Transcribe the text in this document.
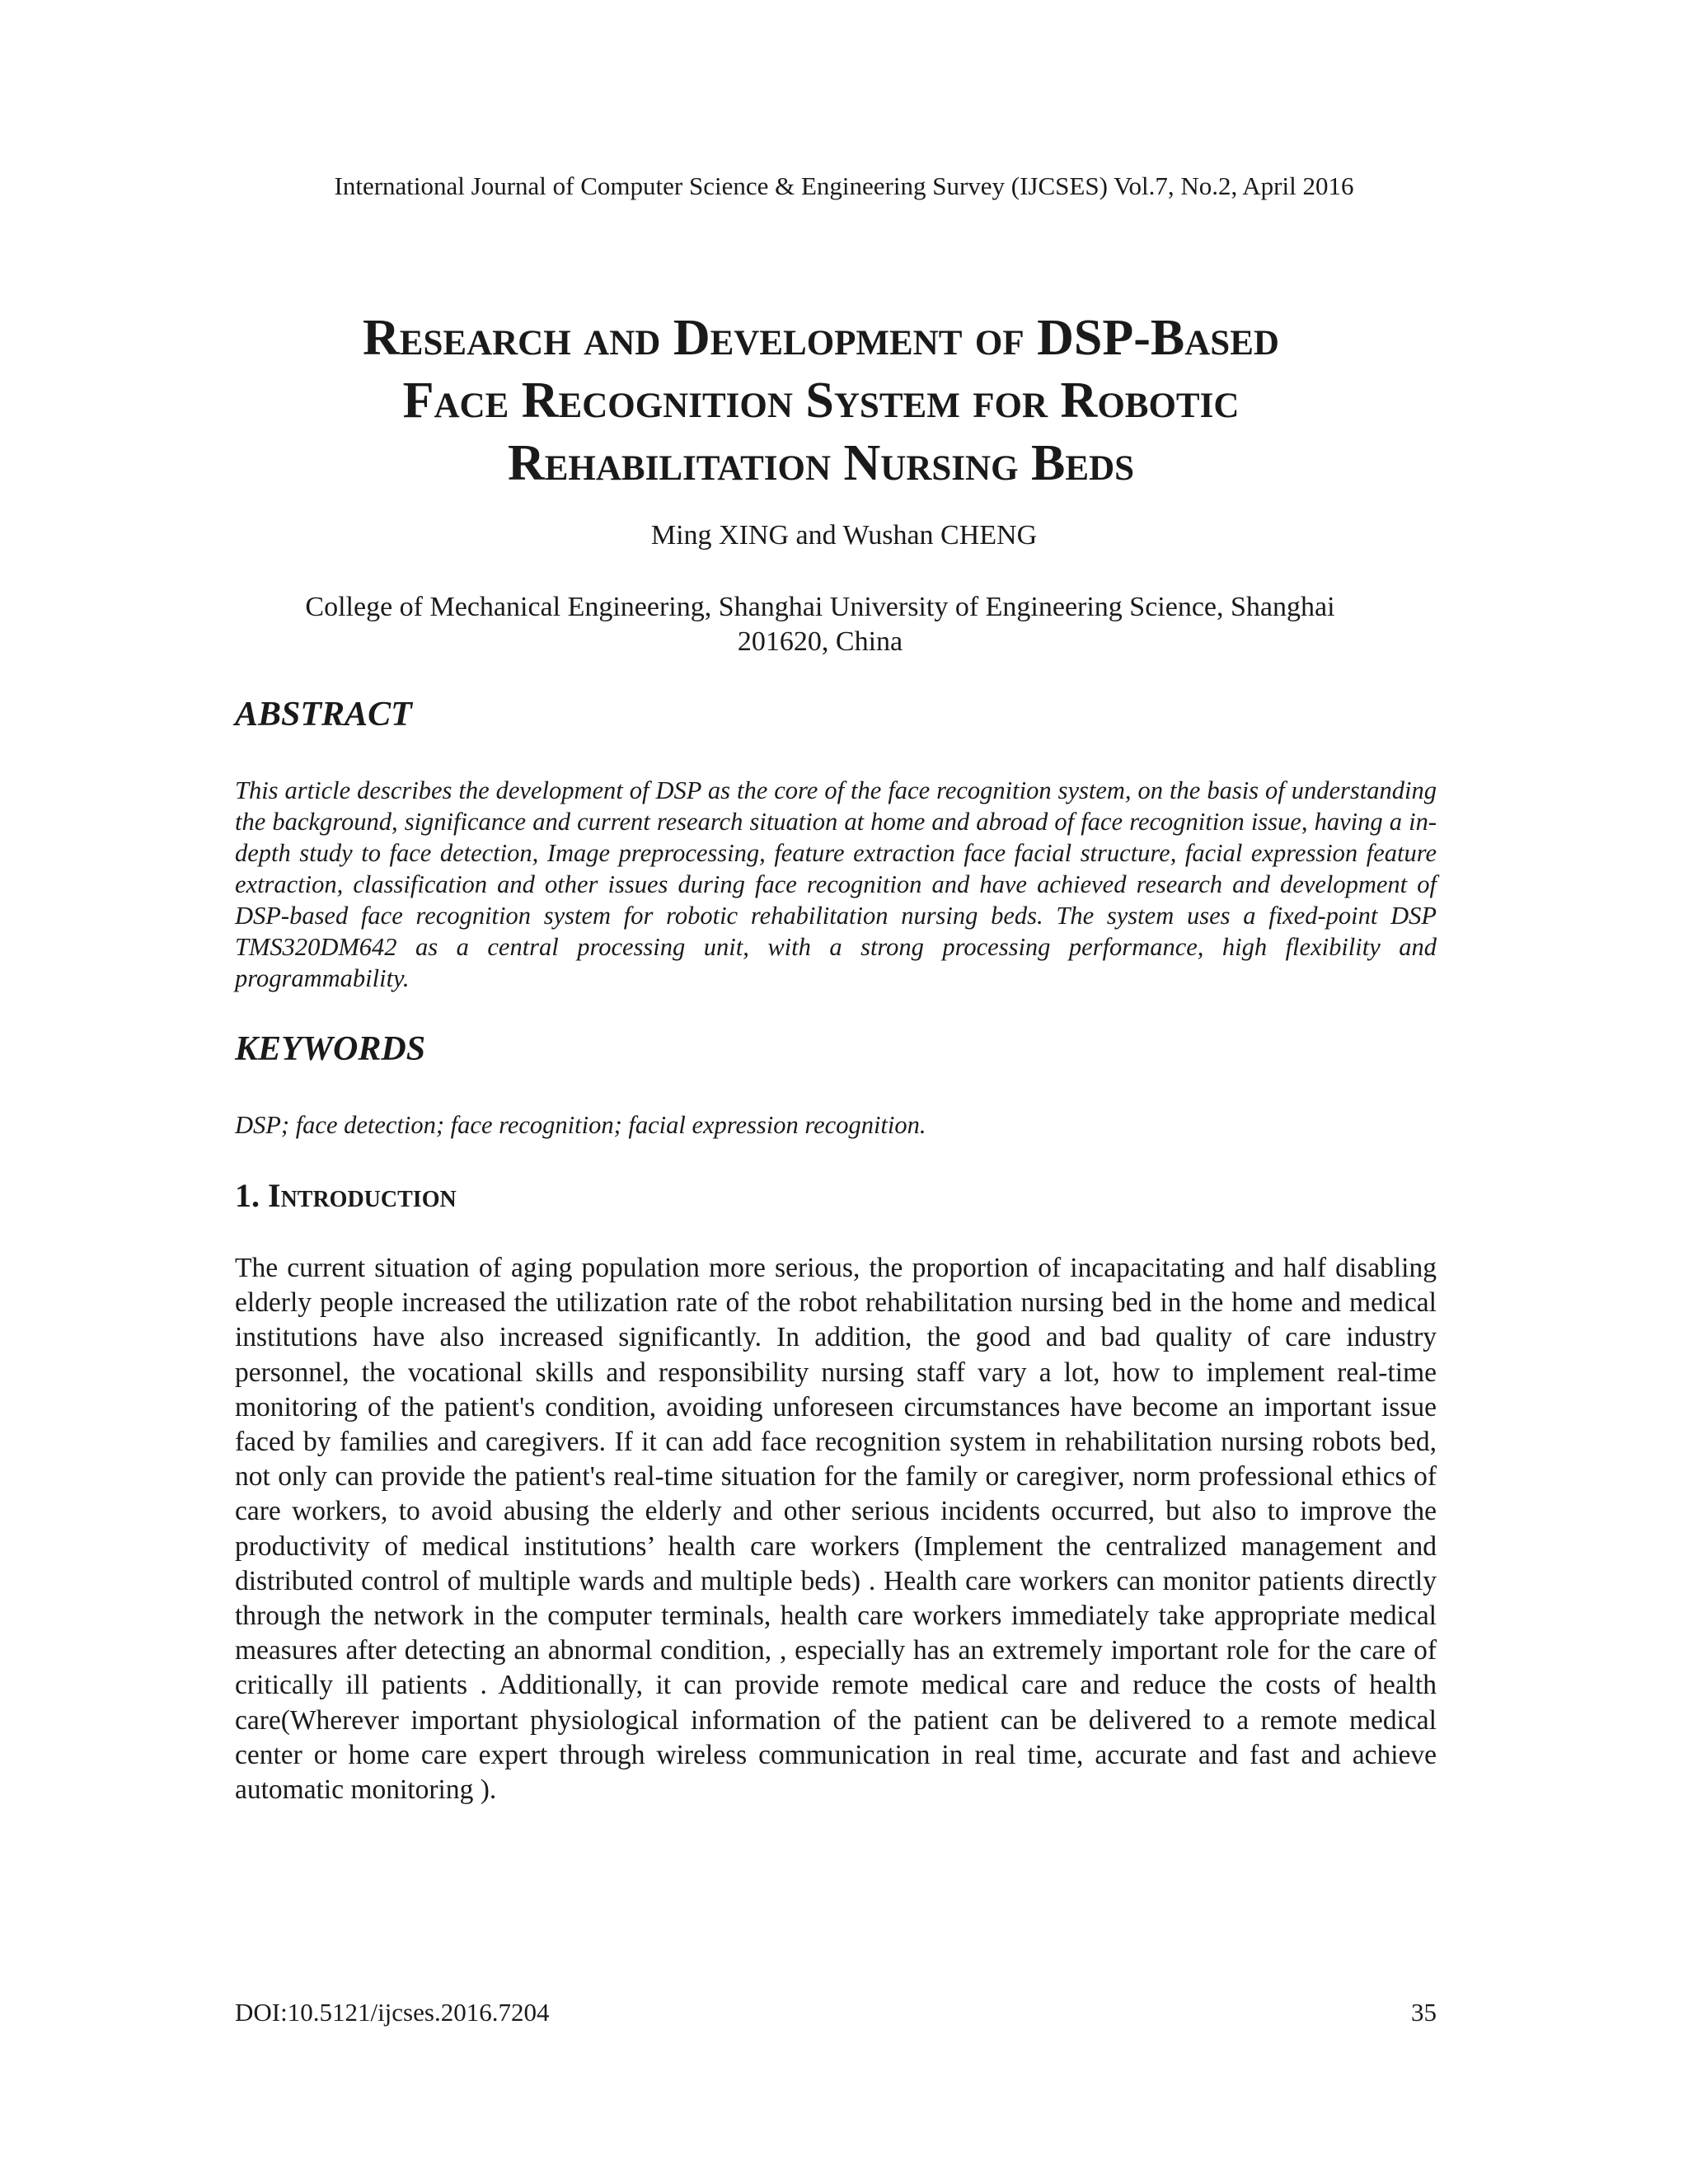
International Journal of Computer Science & Engineering Survey (IJCSES) Vol.7, No.2, April 2016
Research and Development of DSP-Based
Face Recognition System for Robotic
Rehabilitation Nursing Beds
Ming XING and Wushan CHENG
College of Mechanical Engineering, Shanghai University of Engineering Science, Shanghai
201620, China
ABSTRACT
This article describes the development of DSP as the core of the face recognition system, on the basis of understanding the background, significance and current research situation at home and abroad of face recognition issue, having a in-depth study to face detection, Image preprocessing, feature extraction face facial structure, facial expression feature extraction, classification and other issues during face recognition and have achieved research and development of DSP-based face recognition system for robotic rehabilitation nursing beds. The system uses a fixed-point DSP TMS320DM642 as a central processing unit, with a strong processing performance, high flexibility and programmability.
KEYWORDS
DSP; face detection; face recognition; facial expression recognition.
1. Introduction
The current situation of aging population more serious, the proportion of incapacitating and half disabling elderly people increased the utilization rate of the robot rehabilitation nursing bed in the home and medical institutions have also increased significantly. In addition, the good and bad quality of care industry personnel, the vocational skills and responsibility nursing staff vary a lot, how to implement real-time monitoring of the patient's condition, avoiding unforeseen circumstances have become an important issue faced by families and caregivers. If it can add face recognition system in rehabilitation nursing robots bed, not only can provide the patient's real-time situation for the family or caregiver, norm professional ethics of care workers, to avoid abusing the elderly and other serious incidents occurred, but also to improve the productivity of medical institutions’ health care workers (Implement the centralized management and distributed control of multiple wards and multiple beds) . Health care workers can monitor patients directly through the network in the computer terminals, health care workers immediately take appropriate medical measures after detecting an abnormal condition, , especially has an extremely important role for the care of critically ill patients . Additionally, it can provide remote medical care and reduce the costs of health care(Wherever important physiological information of the patient can be delivered to a remote medical center or home care expert through wireless communication in real time, accurate and fast and achieve automatic monitoring ).
DOI:10.5121/ijcses.2016.7204	35
